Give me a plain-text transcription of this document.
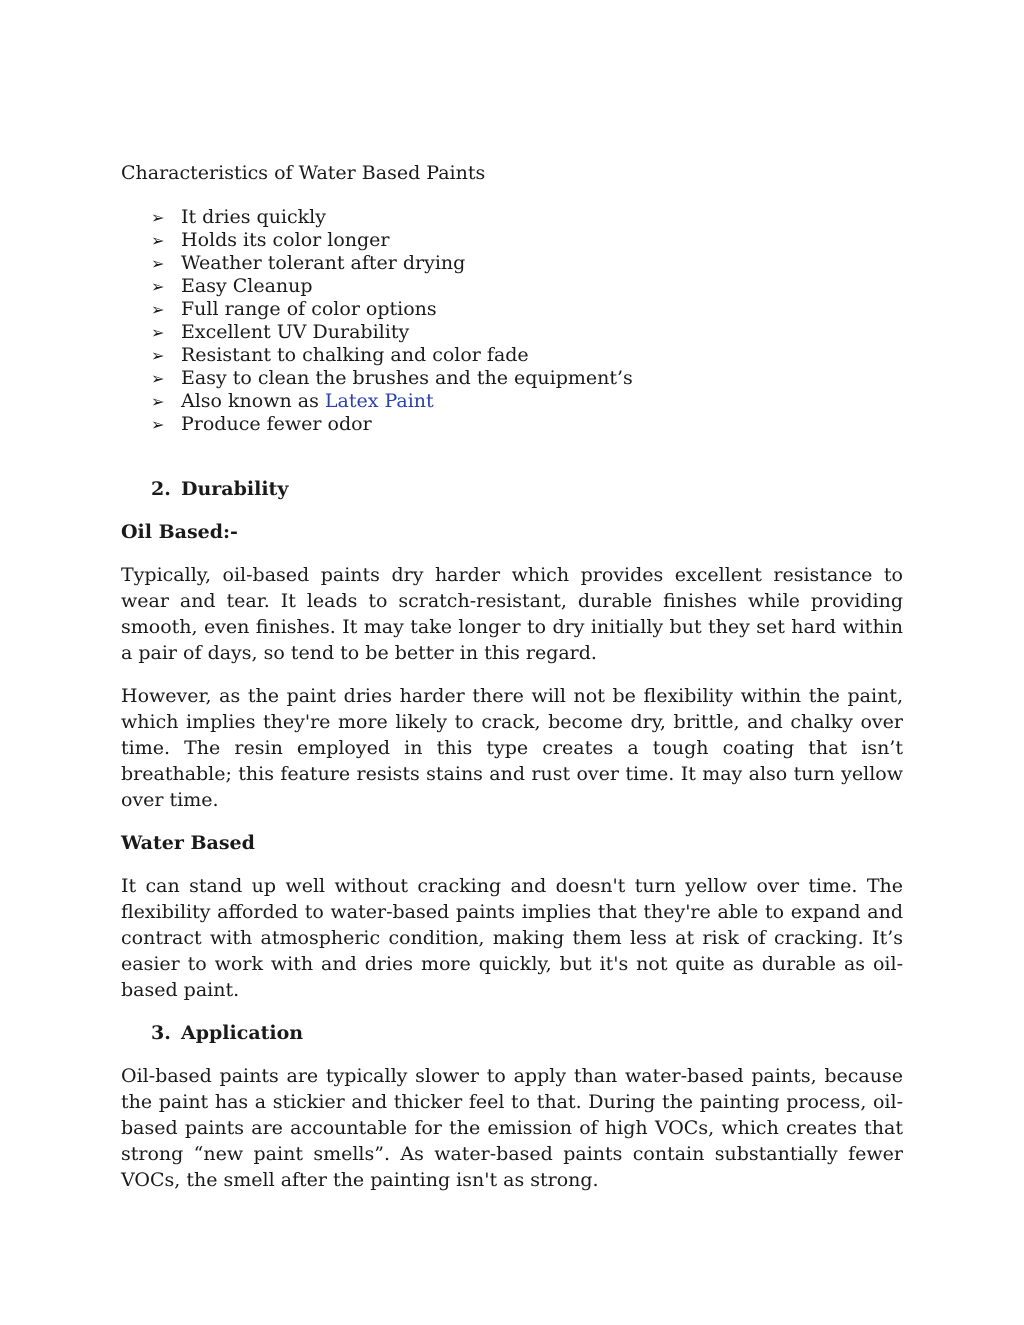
Characteristics of Water Based Paints
➢ It dries quickly
➢ Holds its color longer
➢ Weather tolerant after drying
➢ Easy Cleanup
➢ Full range of color options
➢ Excellent UV Durability
➢ Resistant to chalking and color fade
➢ Easy to clean the brushes and the equipment’s
➢ Also known as Latex Paint
➢ Produce fewer odor
2. Durability
Oil Based:-

Typically, oil-based paints dry harder which provides excellent resistance to wear and tear. It leads to scratch-resistant, durable finishes while providing smooth, even finishes. It may take longer to dry initially but they set hard within a pair of days, so tend to be better in this regard.

However, as the paint dries harder there will not be flexibility within the paint, which implies they're more likely to crack, become dry, brittle, and chalky over time. The resin employed in this type creates a tough coating that isn’t breathable; this feature resists stains and rust over time. It may also turn yellow over time.

Water Based

It can stand up well without cracking and doesn't turn yellow over time. The flexibility afforded to water-based paints implies that they're able to expand and contract with atmospheric condition, making them less at risk of cracking. It’s easier to work with and dries more quickly, but it's not quite as durable as oil-based paint.

3. Application

Oil-based paints are typically slower to apply than water-based paints, because the paint has a stickier and thicker feel to that. During the painting process, oil-based paints are accountable for the emission of high VOCs, which creates that strong “new paint smells”. As water-based paints contain substantially fewer VOCs, the smell after the painting isn't as strong.
